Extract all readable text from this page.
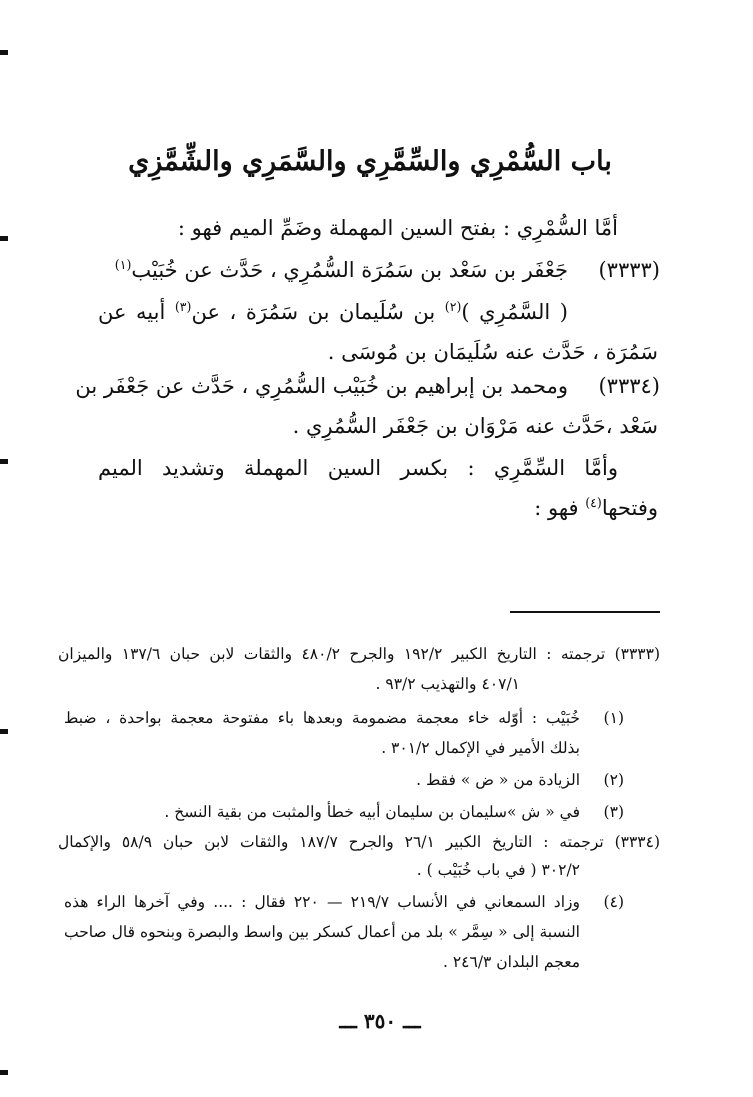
باب السُّمْرِي والسِّمَّرِي والسَّمَرِي والشِّمَّزِي
أمَّا السُّمْرِي : بفتح السين المهملة وضَمِّ الميم فهو :
(٣٣٣٣)
جَعْفَر بن سَعْد بن سَمُرَة السُّمُرِي ، حَدَّث عن خُبَيْب$^{(١)}$
( السَّمُرِي )$^{(٢)}$ بن سُلَيمان بن سَمُرَة ، عن$^{(٣)}$ أبيه عن
سَمُرَة ، حَدَّث عنه سُلَيمَان بن مُوسَى .
(٣٣٣٤)
ومحمد بن إبراهيم بن خُبَيْب السُّمُرِي ، حَدَّث عن جَعْفَر بن
سَعْد ،حَدَّث عنه مَرْوَان بن جَعْفَر السُّمُرِي .
وأمَّا السِّمَّرِي : بكسر السين المهملة وتشديد الميم
وفتحها$^{(٤)}$ فهو :
(٣٣٣٣) ترجمته : التاريخ الكبير ١٩٢/٢ والجرح ٤٨٠/٢ والثقات لابن حبان ١٣٧/٦ والميزان
٤٠٧/١ والتهذيب ٩٣/٢ .
(١)
خُبَيْب : أوّله خاء معجمة مضمومة وبعدها باء مفتوحة معجمة بواحدة ، ضبط
بذلك الأمير في الإكمال ٣٠١/٢ .
(٢)
الزيادة من « ض » فقط .
(٣)
في « ش »سليمان بن سليمان أبيه خطأ والمثبت من بقية النسخ .
(٣٣٣٤) ترجمته : التاريخ الكبير ٢٦/١ والجرح ١٨٧/٧ والثقات لابن حبان ٥٨/٩ والإكمال
٣٠٢/٢ ( في باب خُبَيْب ) .
(٤)
وزاد السمعاني في الأنساب ٢١٩/٧ — ٢٢٠ فقال : .... وفي آخرها الراء هذه
النسبة إلى « سِمَّر » بلد من أعمال كسكر بين واسط والبصرة وبنحوه قال صاحب
معجم البلدان ٢٤٦/٣ .
ـــ ٣٥٠ ـــ
